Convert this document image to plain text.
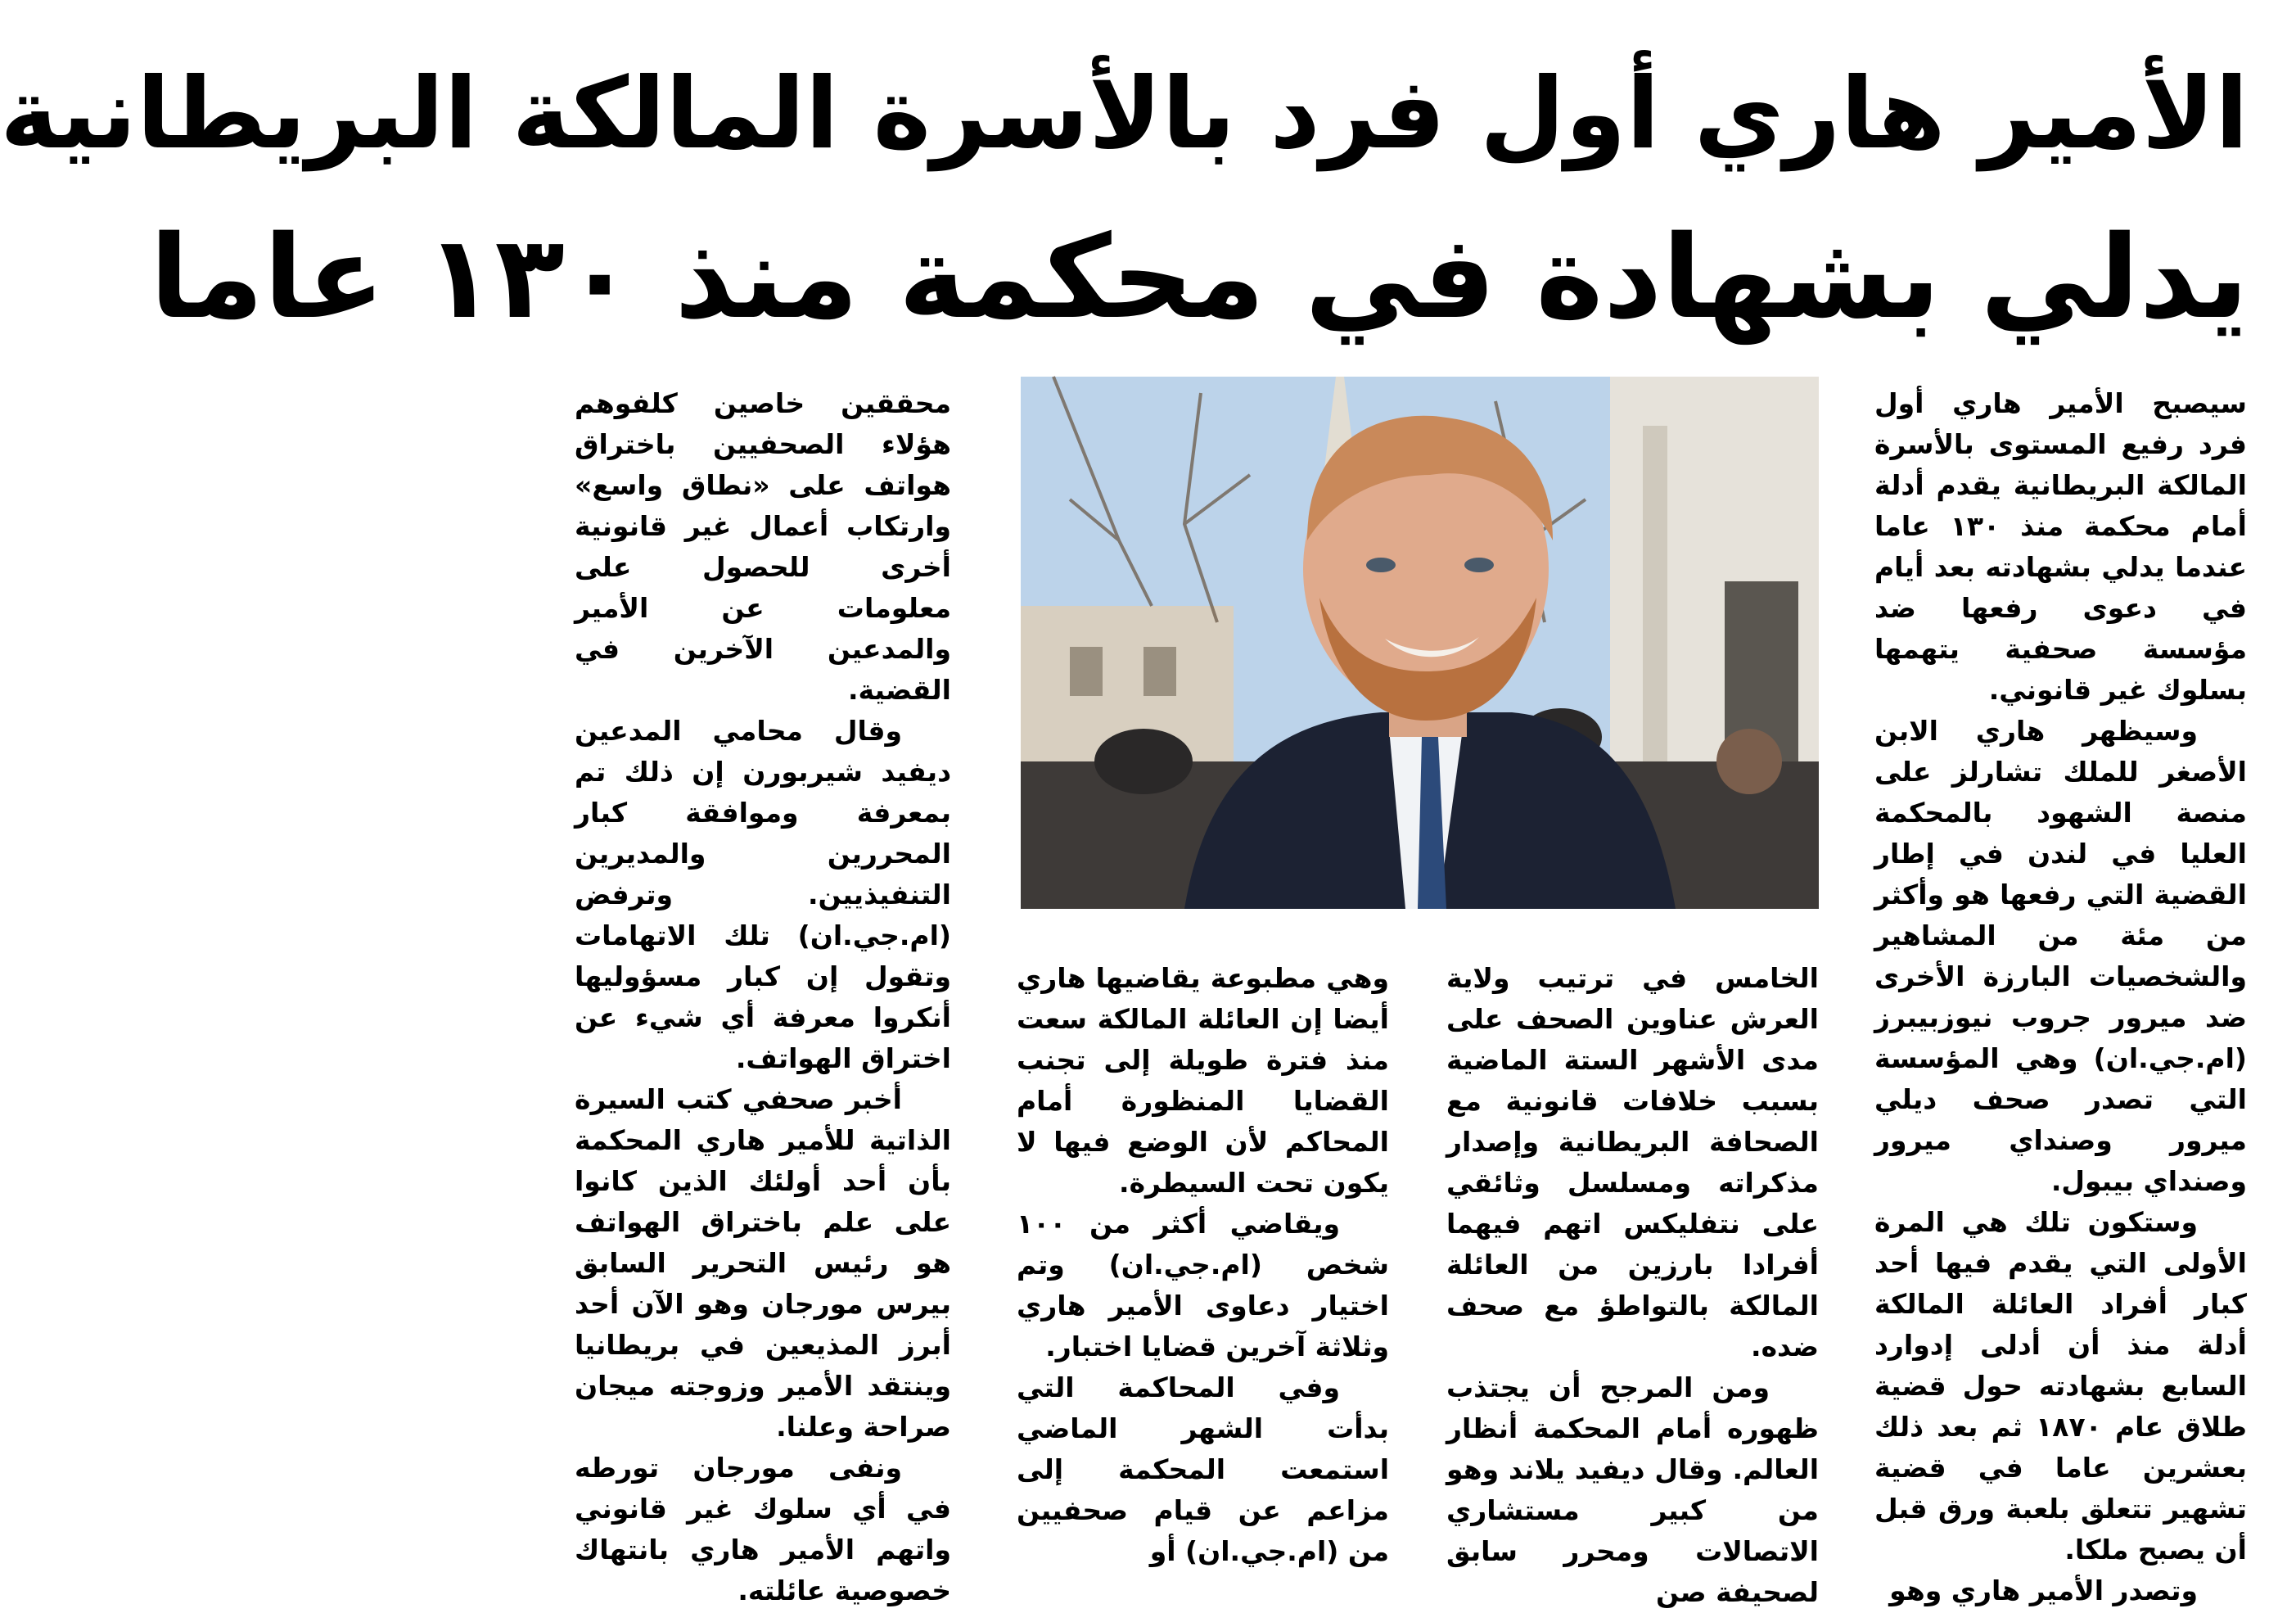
الأمير هاري أول فرد بالأسرة المالكة البريطانية
يدلي بشهادة في محكمة منذ ١٣٠ عاما

سيصبح الأمير هاري أول فرد رفيع المستوى بالأسرة المالكة البريطانية يقدم أدلة أمام محكمة منذ ١٣٠ عاما عندما يدلي بشهادته بعد أيام في دعوى رفعها ضد مؤسسة صحفية يتهمها بسلوك غير قانوني.

وسيظهر هاري الابن الأصغر للملك تشارلز على منصة الشهود بالمحكمة العليا في لندن في إطار القضية التي رفعها هو وأكثر من مئة من المشاهير والشخصيات البارزة الأخرى ضد ميرور جروب نيوزبيبرز (ام.جي.ان) وهي المؤسسة التي تصدر صحف ديلي ميرور وصنداي ميرور وصنداي بيبول.

وستكون تلك هي المرة الأولى التي يقدم فيها أحد كبار أفراد العائلة المالكة أدلة منذ أن أدلى إدوارد السابع بشهادته حول قضية طلاق عام ١٨٧٠ ثم بعد ذلك بعشرين عاما في قضية تشهير تتعلق بلعبة ورق قبل أن يصبح ملكا.

وتصدر الأمير هاري وهو

الخامس في ترتيب ولاية العرش عناوين الصحف على مدى الأشهر الستة الماضية بسبب خلافات قانونية مع الصحافة البريطانية وإصدار مذكراته ومسلسل وثائقي على نتفليكس اتهم فيهما أفرادا بارزين من العائلة المالكة بالتواطؤ مع صحف ضده.

ومن المرجح أن يجتذب ظهوره أمام المحكمة أنظار العالم. وقال ديفيد يلاند وهو من كبير مستشاري الاتصالات ومحرر سابق لصحيفة صن

وهي مطبوعة يقاضيها هاري أيضا إن العائلة المالكة سعت منذ فترة طويلة إلى تجنب القضايا المنظورة أمام المحاكم لأن الوضع فيها لا يكون تحت السيطرة.

ويقاضي أكثر من ١٠٠ شخص (ام.جي.ان) وتم اختيار دعاوى الأمير هاري وثلاثة آخرين قضايا اختبار.

وفي المحاكمة التي بدأت الشهر الماضي استمعت المحكمة إلى مزاعم عن قيام صحفيين من (ام.جي.ان) أو

محققين خاصين كلفوهم هؤلاء الصحفيين باختراق هواتف على «نطاق واسع» وارتكاب أعمال غير قانونية أخرى للحصول على معلومات عن الأمير والمدعين الآخرين في القضية.

وقال محامي المدعين ديفيد شيربورن إن ذلك تم بمعرفة وموافقة كبار المحررين والمديرين التنفيذيين. وترفض (ام.جي.ان) تلك الاتهامات وتقول إن كبار مسؤوليها أنكروا معرفة أي شيء عن اختراق الهواتف.

أخبر صحفي كتب السيرة الذاتية للأمير هاري المحكمة بأن أحد أولئك الذين كانوا على علم باختراق الهواتف هو رئيس التحرير السابق بيرس مورجان وهو الآن أحد أبرز المذيعين في بريطانيا وينتقد الأمير وزوجته ميجان صراحة وعلنا.

ونفى مورجان تورطه في أي سلوك غير قانوني واتهم الأمير هاري بانتهاك خصوصية عائلته.
